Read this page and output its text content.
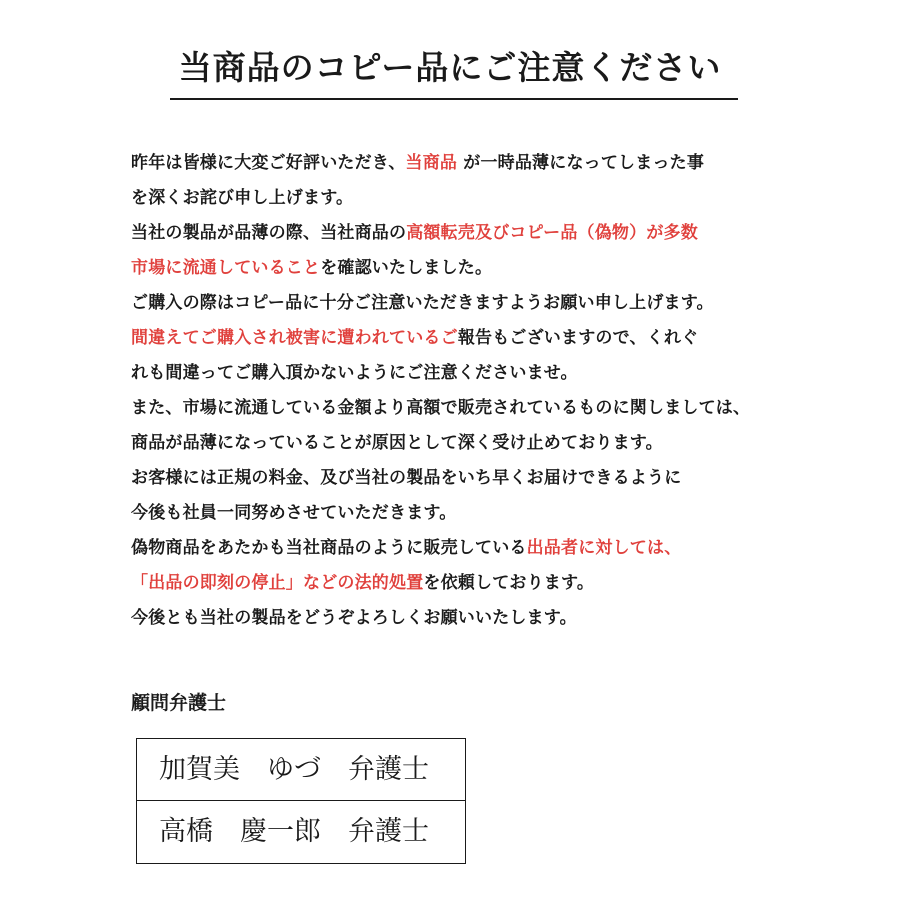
当商品のコピー品にご注意ください
昨年は皆様に大変ご好評いただき、当商品 が一時品薄になってしまった事
を深くお詫び申し上げます。
当社の製品が品薄の際、当社商品の高額転売及びコピー品（偽物）が多数
市場に流通していることを確認いたしました。
ご購入の際はコピー品に十分ご注意いただきますようお願い申し上げます。
間違えてご購入され被害に遭われているご報告もございますので、くれぐ
れも間違ってご購入頂かないようにご注意くださいませ。
また、市場に流通している金額より高額で販売されているものに関しましては、
商品が品薄になっていることが原因として深く受け止めております。
お客様には正規の料金、及び当社の製品をいち早くお届けできるように
今後も社員一同努めさせていただきます。
偽物商品をあたかも当社商品のように販売している出品者に対しては、
「出品の即刻の停止」などの法的処置を依頼しております。
今後とも当社の製品をどうぞよろしくお願いいたします。
顧問弁護士
加賀美　ゆづ　弁護士
高橋　慶一郎　弁護士
